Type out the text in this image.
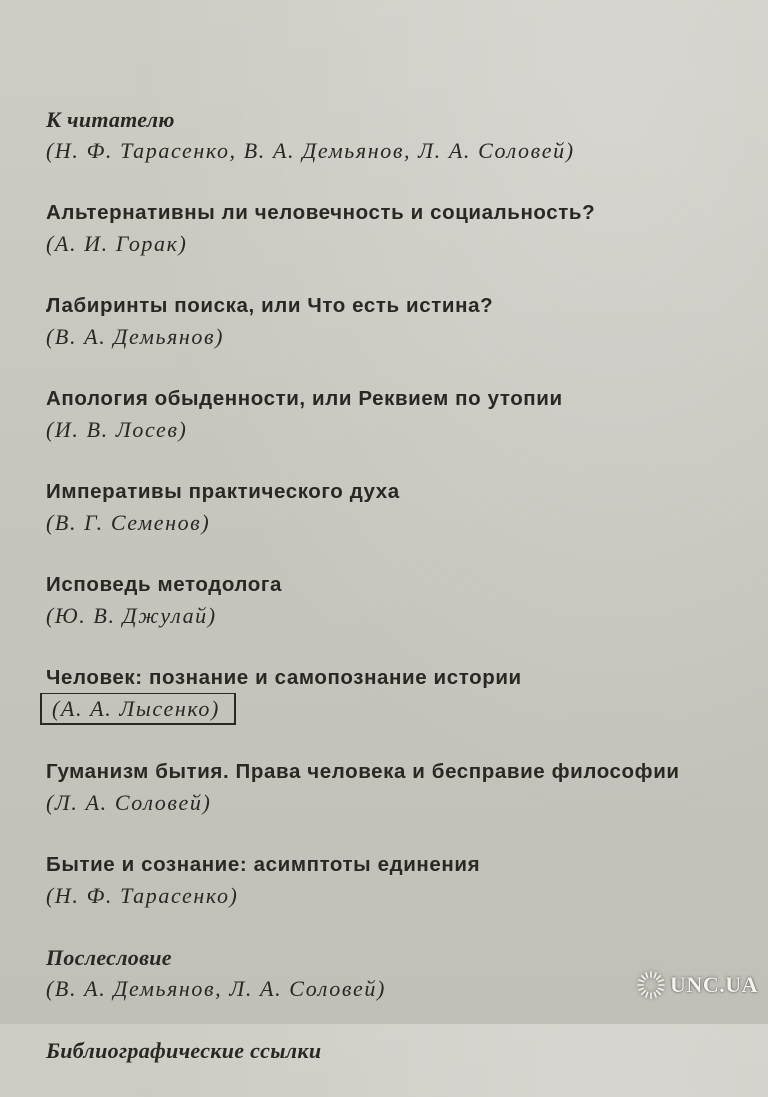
К читателю
(Н. Ф. Тарасенко, В. А. Демьянов, Л. А. Соловей)
Альтернативны ли человечность и социальность?
(А. И. Горак)
Лабиринты поиска, или Что есть истина?
(В. А. Демьянов)
Апология обыденности, или Реквием по утопии
(И. В. Лосев)
Императивы практического духа
(В. Г. Семенов)
Исповедь методолога
(Ю. В. Джулай)
Человек: познание и самопознание истории
(А. А. Лысенко)
Гуманизм бытия. Права человека и бесправие философии
(Л. А. Соловей)
Бытие и сознание: асимптоты единения
(Н. Ф. Тарасенко)
Послесловие
(В. А. Демьянов, Л. А. Соловей)
Библиографические ссылки
UNC.UA
